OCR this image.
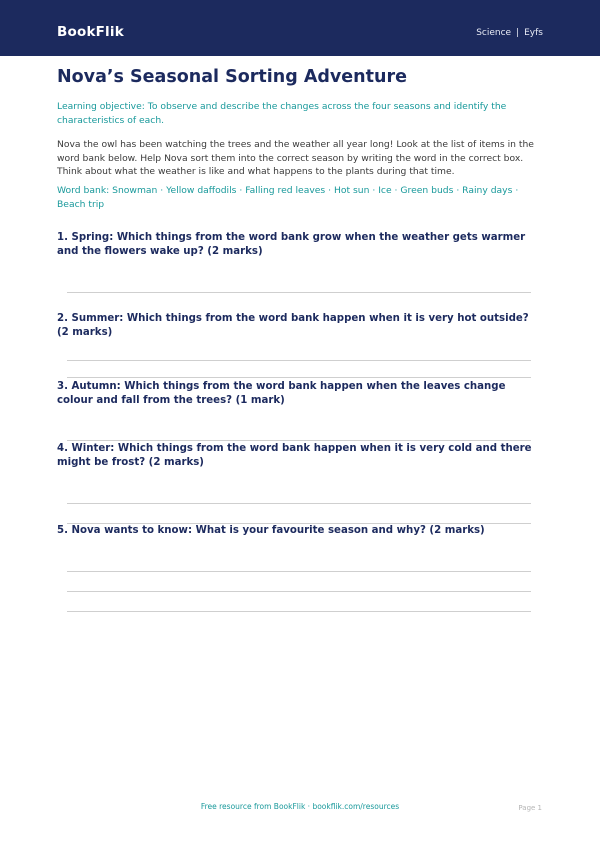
BookFlik	Science | Eyfs
Nova’s Seasonal Sorting Adventure

Learning objective: To observe and describe the changes across the four seasons and identify the characteristics of each.

Nova the owl has been watching the trees and the weather all year long! Look at the list of items in the word bank below. Help Nova sort them into the correct season by writing the word in the correct box. Think about what the weather is like and what happens to the plants during that time.

Word bank: Snowman · Yellow daffodils · Falling red leaves · Hot sun · Ice · Green buds · Rainy days · Beach trip

1. Spring: Which things from the word bank grow when the weather gets warmer and the flowers wake up? (2 marks)

2. Summer: Which things from the word bank happen when it is very hot outside? (2 marks)

3. Autumn: Which things from the word bank happen when the leaves change colour and fall from the trees? (1 mark)

4. Winter: Which things from the word bank happen when it is very cold and there might be frost? (2 marks)

5. Nova wants to know: What is your favourite season and why? (2 marks)

Free resource from BookFlik · bookflik.com/resources	Page 1
